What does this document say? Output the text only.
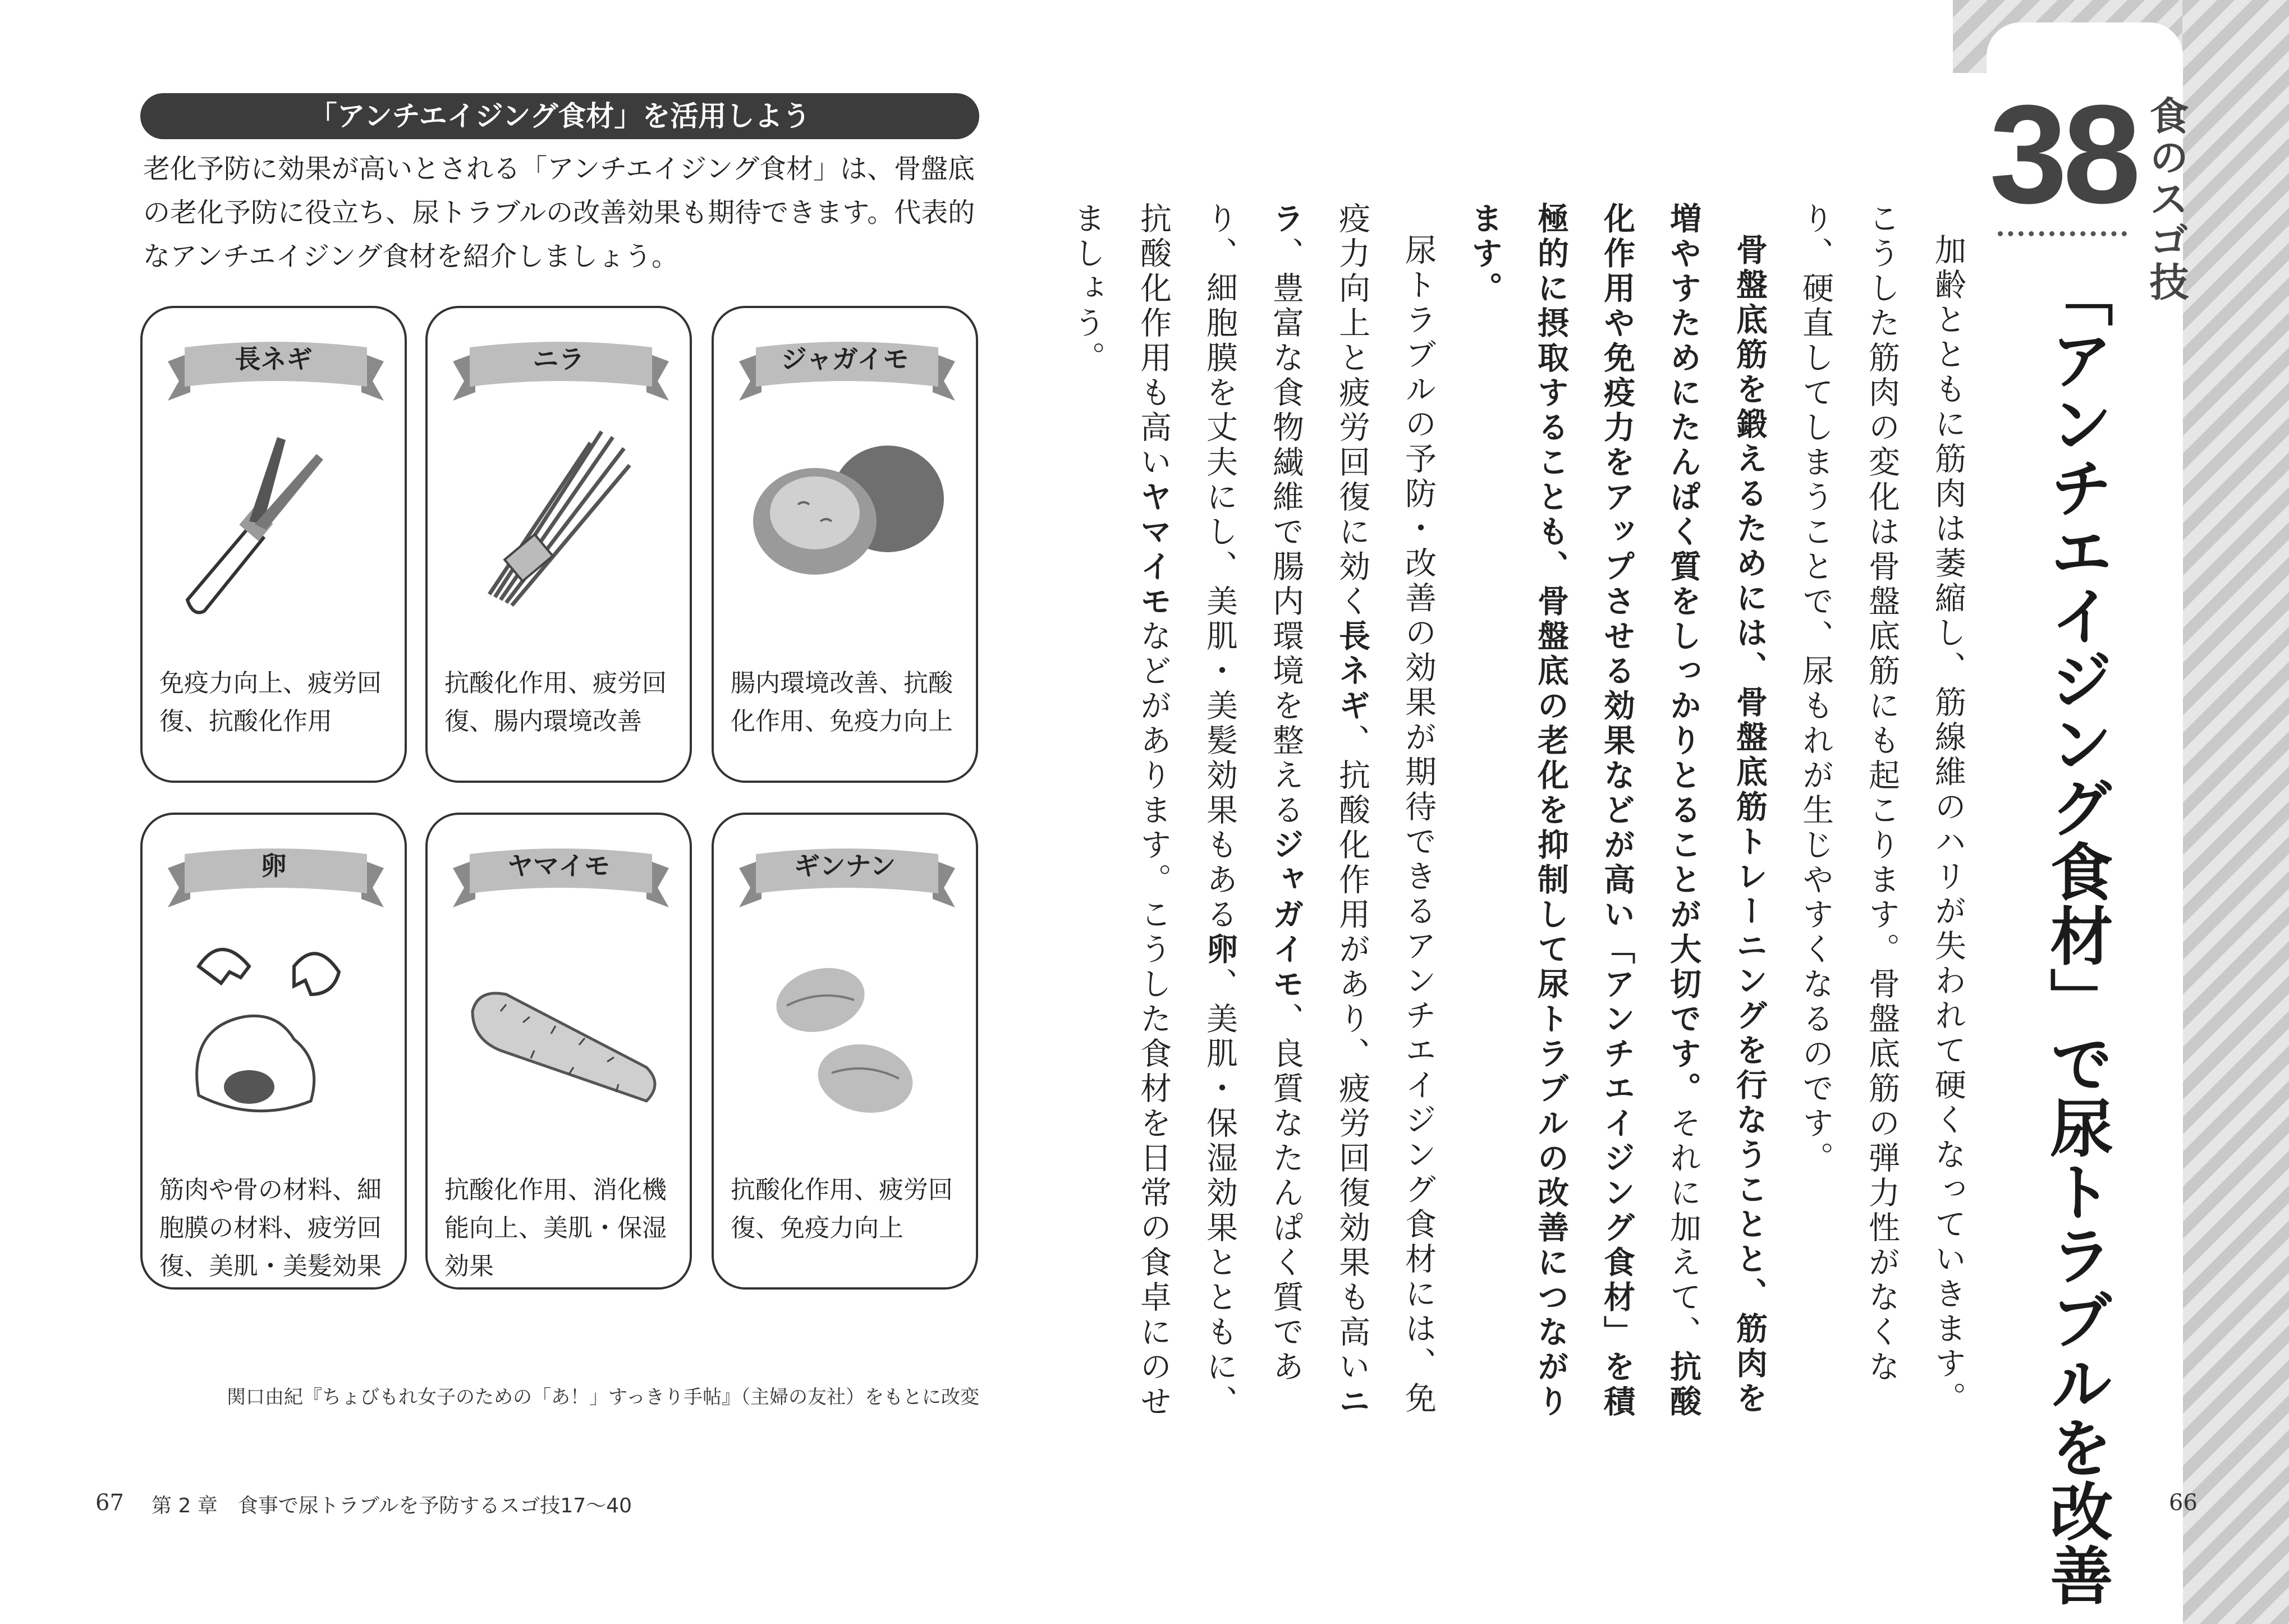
38 食のスゴ技
「アンチエイジング食材」で尿トラブルを改善

加齢とともに筋肉は萎縮し、筋線維のハリが失われて硬くなっていきます。こうした筋肉の変化は骨盤底筋にも起こります。骨盤底筋の弾力性がなくなり、硬直してしまうことで、尿もれが生じやすくなるのです。

骨盤底筋を鍛えるためには、骨盤底筋トレーニングを行なうことと、筋肉を増やすためにたんぱく質をしっかりとることが大切です。それに加えて、抗酸化作用や免疫力をアップさせる効果などが高い「アンチエイジング食材」を積極的に摂取することも、骨盤底の老化を抑制して尿トラブルの改善につながります。

尿トラブルの予防・改善の効果が期待できるアンチエイジング食材には、免疫力向上と疲労回復に効く長ネギ、抗酸化作用があり、疲労回復効果も高いニラ、豊富な食物繊維で腸内環境を整えるジャガイモ、良質なたんぱく質であり、細胞膜を丈夫にし、美肌・美髪効果もある卵、美肌・保湿効果とともに、抗酸化作用も高いヤマイモなどがあります。こうした食材を日常の食卓にのせましょう。

66
「アンチエイジング食材」を活用しよう
老化予防に効果が高いとされる「アンチエイジング食材」は、骨盤底の老化予防に役立ち、尿トラブルの改善効果も期待できます。代表的なアンチエイジング食材を紹介しましょう。
長ネギ
免疫力向上、疲労回復、抗酸化作用
ニラ
抗酸化作用、疲労回復、腸内環境改善
ジャガイモ
腸内環境改善、抗酸化作用、免疫力向上
卵
筋肉や骨の材料、細胞膜の材料、疲労回復、美肌・美髪効果
ヤマイモ
抗酸化作用、消化機能向上、美肌・保湿効果
ギンナン
抗酸化作用、疲労回復、免疫力向上
関口由紀『ちょびもれ女子のための「あ！」すっきり手帖』（主婦の友社）をもとに改変
67 第 2 章　食事で尿トラブルを予防するスゴ技17〜40
